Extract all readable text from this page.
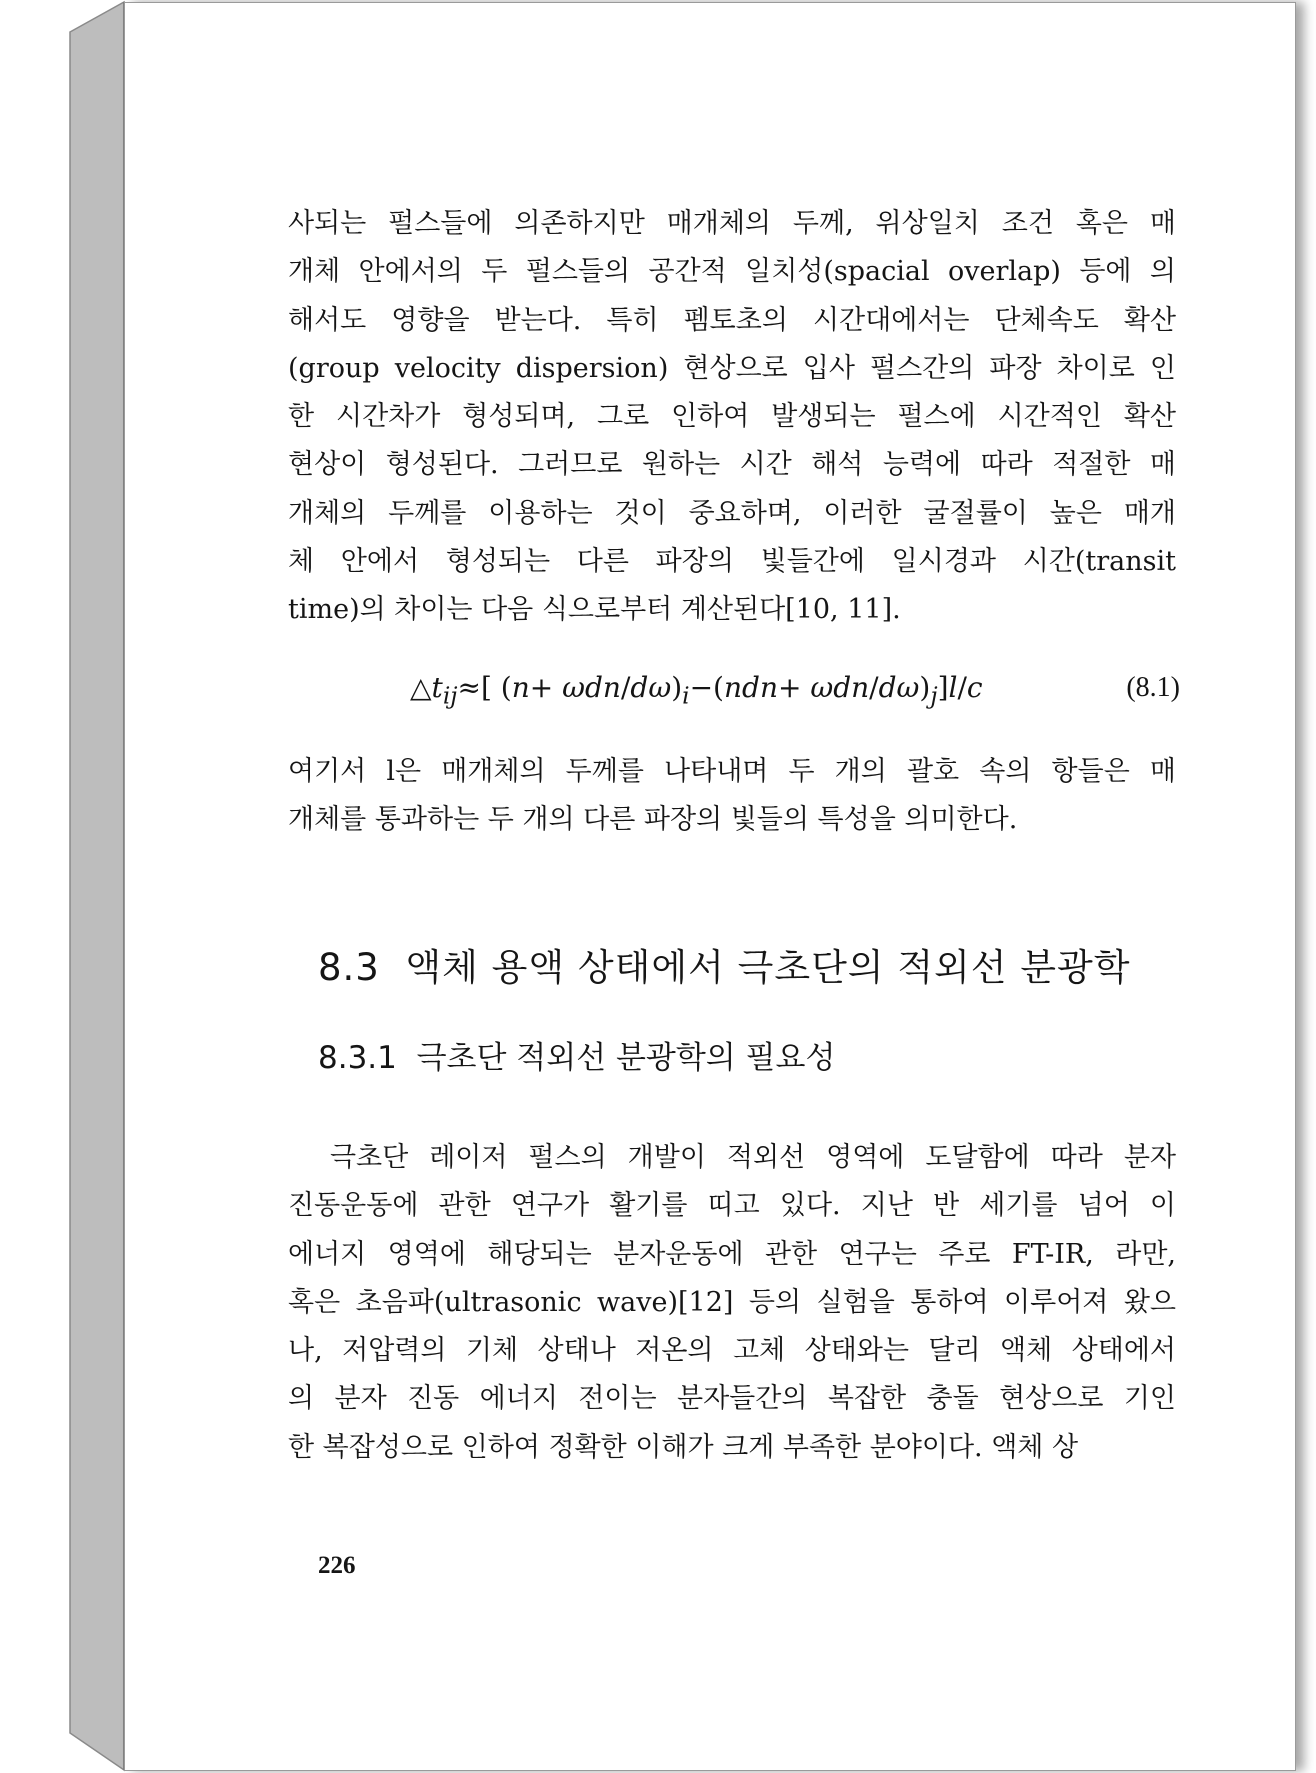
사되는 펄스들에 의존하지만 매개체의 두께, 위상일치 조건 혹은 매
개체 안에서의 두 펄스들의 공간적 일치성(spacial overlap) 등에 의
해서도 영향을 받는다. 특히 펨토초의 시간대에서는 단체속도 확산
(group velocity dispersion) 현상으로 입사 펄스간의 파장 차이로 인
한 시간차가 형성되며, 그로 인하여 발생되는 펄스에 시간적인 확산
현상이 형성된다. 그러므로 원하는 시간 해석 능력에 따라 적절한 매
개체의 두께를 이용하는 것이 중요하며, 이러한 굴절률이 높은 매개
체 안에서 형성되는 다른 파장의 빛들간에 일시경과 시간(transit
time)의 차이는 다음 식으로부터 계산된다[10, 11].
$\triangle t_{ij}\approx$[ (n+ ωdn/$d\omega)_i-(ndn+ \omega dn/d\omega)_j]l/c$	(8.1)
여기서 l은 매개체의 두께를 나타내며 두 개의 괄호 속의 항들은 매
개체를 통과하는 두 개의 다른 파장의 빛들의 특성을 의미한다.
8.3  액체 용액 상태에서 극초단의 적외선 분광학
8.3.1  극초단 적외선 분광학의 필요성
극초단 레이저 펄스의 개발이 적외선 영역에 도달함에 따라 분자
진동운동에 관한 연구가 활기를 띠고 있다. 지난 반 세기를 넘어 이
에너지 영역에 해당되는 분자운동에 관한 연구는 주로 FT-IR, 라만,
혹은 초음파(ultrasonic wave)[12] 등의 실험을 통하여 이루어져 왔으
나, 저압력의 기체 상태나 저온의 고체 상태와는 달리 액체 상태에서
의 분자 진동 에너지 전이는 분자들간의 복잡한 충돌 현상으로 기인
한 복잡성으로 인하여 정확한 이해가 크게 부족한 분야이다. 액체 상
226
